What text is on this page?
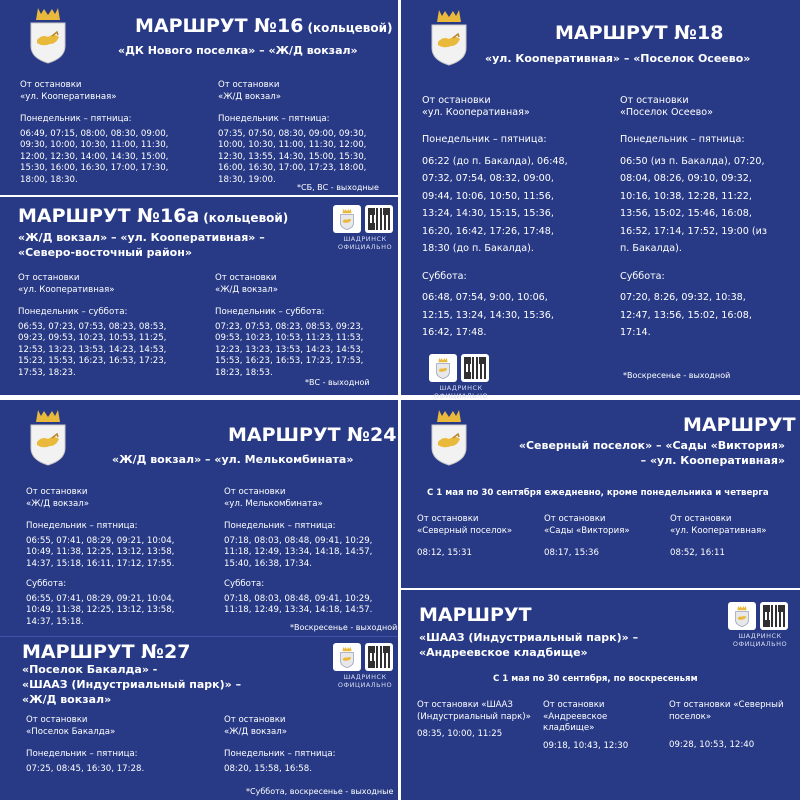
МАРШРУТ №16 (кольцевой)
«ДК Нового поселка» – «Ж/Д вокзал»
От остановки
«ул. Кооперативная»
Понедельник – пятница:
06:49, 07:15, 08:00, 08:30, 09:00,
09:30, 10:00, 10:30, 11:00, 11:30,
12:00, 12:30, 14:00, 14:30, 15:00,
15:30, 16:00, 16:30, 17:00, 17:30,
18:00, 18:30.
От остановки
«Ж/Д вокзал»
Понедельник – пятница:
07:35, 07:50, 08:30, 09:00, 09:30,
10:00, 10:30, 11:00, 11:30, 12:00,
12:30, 13:55, 14:30, 15:00, 15:30,
16:00, 16:30, 17:00, 17:23, 18:00,
18:30, 19:00.
*СБ, ВС - выходные
МАРШРУТ №16а (кольцевой)
«Ж/Д вокзал» – «ул. Кооперативная» –
«Северо-восточный район»
ШАДРИНСК
ОФИЦИАЛЬНО
От остановки
«ул. Кооперативная»
Понедельник – суббота:
06:53, 07:23, 07:53, 08:23, 08:53,
09:23, 09:53, 10:23, 10:53, 11:25,
12:53, 13:23, 13:53, 14:23, 14:53,
15:23, 15:53, 16:23, 16:53, 17:23,
17:53, 18:23.
От остановки
«Ж/Д вокзал»
Понедельник – суббота:
07:23, 07:53, 08:23, 08:53, 09:23,
09:53, 10:23, 10:53, 11:23, 11:53,
12:23, 13:23, 13:53, 14:23, 14:53,
15:53, 16:23, 16:53, 17:23, 17:53,
18:23, 18:53.
*ВС - выходной
МАРШРУТ №18
«ул. Кооперативная» – «Поселок Осеево»
От остановки
«ул. Кооперативная»
Понедельник – пятница:
06:22 (до п. Бакалда), 06:48,
07:32, 07:54, 08:32, 09:00,
09:44, 10:06, 10:50, 11:56,
13:24, 14:30, 15:15, 15:36,
16:20, 16:42, 17:26, 17:48,
18:30 (до п. Бакалда).
Суббота:
06:48, 07:54, 9:00, 10:06,
12:15, 13:24, 14:30, 15:36,
16:42, 17:48.
От остановки
«Поселок Осеево»
Понедельник – пятница:
06:50 (из п. Бакалда), 07:20,
08:04, 08:26, 09:10, 09:32,
10:16, 10:38, 12:28, 11:22,
13:56, 15:02, 15:46, 16:08,
16:52, 17:14, 17:52, 19:00 (из
п. Бакалда).
Суббота:
07:20, 8:26, 09:32, 10:38,
12:47, 13:56, 15:02, 16:08,
17:14.
ШАДРИНСК
ОФИЦИАЛЬНО
*Воскресенье - выходной
МАРШРУТ №24
«Ж/Д вокзал» – «ул. Мелькомбината»
От остановки
«Ж/Д вокзал»
Понедельник – пятница:
06:55, 07:41, 08:29, 09:21, 10:04,
10:49, 11:38, 12:25, 13:12, 13:58,
14:37, 15:18, 16:11, 17:12, 17:55.
Суббота:
06:55, 07:41, 08:29, 09:21, 10:04,
10:49, 11:38, 12:25, 13:12, 13:58,
14:37, 15:18.
От остановки
«ул. Мелькомбината»
Понедельник – пятница:
07:18, 08:03, 08:48, 09:41, 10:29,
11:18, 12:49, 13:34, 14:18, 14:57,
15:40, 16:38, 17:34.
Суббота:
07:18, 08:03, 08:48, 09:41, 10:29,
11:18, 12:49, 13:34, 14:18, 14:57.
*Воскресенье - выходной
МАРШРУТ №27
«Поселок Бакалда» -
«ШААЗ (Индустриальный парк)» –
«Ж/Д вокзал»
ШАДРИНСК
ОФИЦИАЛЬНО
От остановки
«Поселок Бакалда»
Понедельник – пятница:
07:25, 08:45, 16:30, 17:28.
От остановки
«Ж/Д вокзал»
Понедельник – пятница:
08:20, 15:58, 16:58.
*Суббота, воскресенье - выходные
МАРШРУТ
«Северный поселок» – «Сады «Виктория»
– «ул. Кооперативная»
С 1 мая по 30 сентября ежедневно, кроме понедельника и четверга
От остановки
«Северный поселок»
08:12, 15:31
От остановки
«Сады «Виктория»
08:17, 15:36
От остановки
«ул. Кооперативная»
08:52, 16:11
МАРШРУТ
«ШААЗ (Индустриальный парк)» –
«Андреевское кладбище»
ШАДРИНСК
ОФИЦИАЛЬНО
С 1 мая по 30 сентября, по воскресеньям
От остановки «ШААЗ (Индустриальный парк)»
08:35, 10:00, 11:25
От остановки «Андреевское кладбище»
09:18, 10:43, 12:30
От остановки «Северный поселок»
09:28, 10:53, 12:40
